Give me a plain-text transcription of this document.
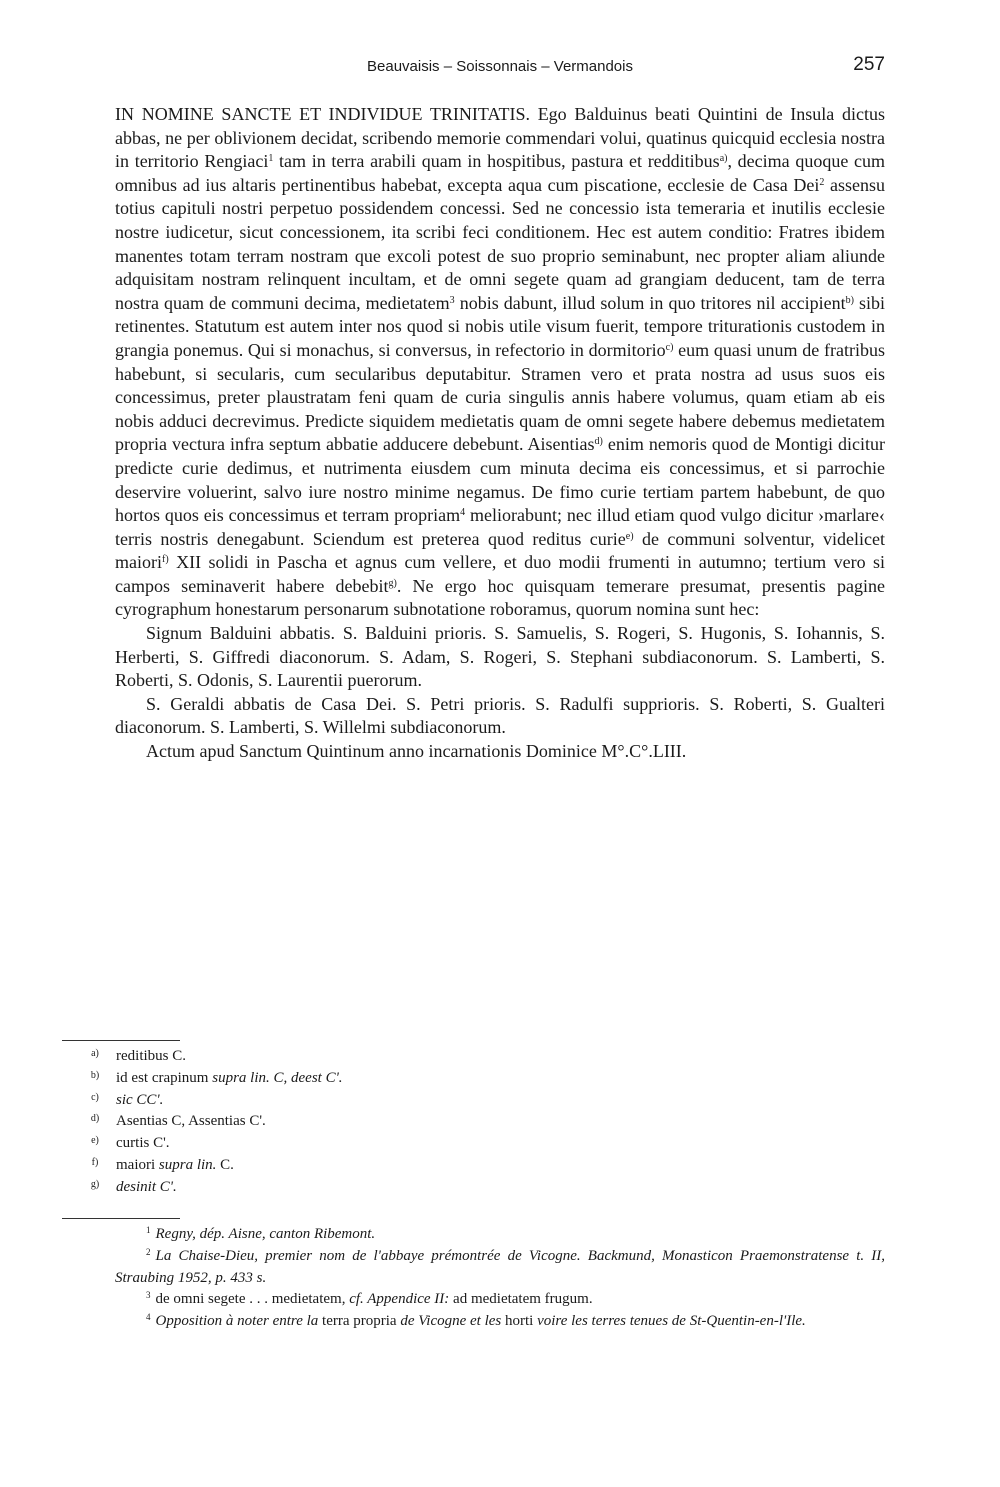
Beauvaisis – Soissonnais – Vermandois	257

IN NOMINE SANCTE ET INDIVIDUE TRINITATIS. Ego Balduinus beati Quintini de Insula dictus abbas, ne per oblivionem decidat, scribendo memorie commendari volui, quatinus quicquid ecclesia nostra in territorio Rengiaci$^1$ tam in terra arabili quam in hospitibus, pastura et redditibus$^{a)}$, decima quoque cum omnibus ad ius altaris pertinentibus habebat, excepta aqua cum piscatione, ecclesie de Casa Dei$^2$ assensu totius capituli nostri perpetuo possidendem concessi. Sed ne concessio ista temeraria et inutilis ecclesie nostre iudicetur, sicut concessionem, ita scribi feci conditionem. Hec est autem conditio: Fratres ibidem manentes totam terram nostram que excoli potest de suo proprio seminabunt, nec propter aliam aliunde adquisitam nostram relinquent incultam, et de omni segete quam ad grangiam deducent, tam de terra nostra quam de communi decima, medietatem$^3$ nobis dabunt, illud solum in quo tritores nil accipient$^{b)}$ sibi retinentes. Statutum est autem inter nos quod si nobis utile visum fuerit, tempore triturationis custodem in grangia ponemus. Qui si monachus, si conversus, in refectorio in dormitorio$^{c)}$ eum quasi unum de fratribus habebunt, si secularis, cum secularibus deputabitur. Stramen vero et prata nostra ad usus suos eis concessimus, preter plaustratam feni quam de curia singulis annis habere volumus, quam etiam ab eis nobis adduci decrevimus. Predicte siquidem medietatis quam de omni segete habere debemus medietatem propria vectura infra septum abbatie adducere debebunt. Aisentias$^{d)}$ enim nemoris quod de Montigi dicitur predicte curie dedimus, et nutrimenta eiusdem cum minuta decima eis concessimus, et si parrochie deservire voluerint, salvo iure nostro minime negamus. De fimo curie tertiam partem habebunt, de quo hortos quos eis concessimus et terram propriam$^4$ meliorabunt; nec illud etiam quod vulgo dicitur ›marlare‹ terris nostris denegabunt. Sciendum est preterea quod reditus curie$^{e)}$ de communi solventur, videlicet maiori$^{f)}$ XII solidi in Pascha et agnus cum vellere, et duo modii frumenti in autumno; tertium vero si campos seminaverit habere debebit$^{g)}$. Ne ergo hoc quisquam temerare presumat, presentis pagine cyrographum honestarum personarum subnotatione roboramus, quorum nomina sunt hec:

Signum Balduini abbatis. S. Balduini prioris. S. Samuelis, S. Rogeri, S. Hugonis, S. Iohannis, S. Herberti, S. Giffredi diaconorum. S. Adam, S. Rogeri, S. Stephani subdiaconorum. S. Lamberti, S. Roberti, S. Odonis, S. Laurentii puerorum.

S. Geraldi abbatis de Casa Dei. S. Petri prioris. S. Radulfi supprioris. S. Roberti, S. Gualteri diaconorum. S. Lamberti, S. Willelmi subdiaconorum.

Actum apud Sanctum Quintinum anno incarnationis Dominice M°.C°.LIII.

a)	reditibus C.
b)	id est crapinum supra lin. C, deest C'.
c)	sic CC'.
d)	Asentias C, Assentias C'.
e)	curtis C'.
f)	maiori supra lin. C.
g)	desinit C'.
$^1$ Regny, dép. Aisne, canton Ribemont.
$^2$ La Chaise-Dieu, premier nom de l'abbaye prémontrée de Vicogne. Backmund, Monasticon Praemonstratense t. II, Straubing 1952, p. 433 s.
$^3$ de omni segete . . . medietatem, cf. Appendice II: ad medietatem frugum.
$^4$ Opposition à noter entre la terra propria de Vicogne et les horti voire les terres tenues de St-Quentin-en-l'Ile.
